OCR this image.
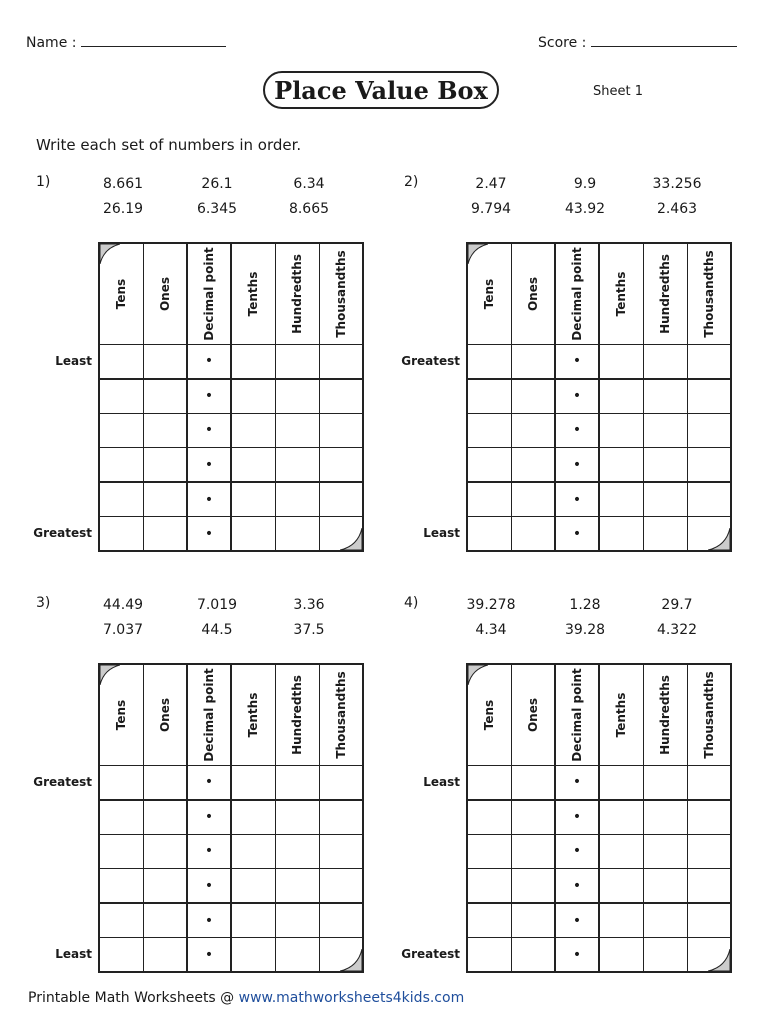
Name :	Score :
Place Value Box	Sheet 1
Write each set of numbers in order.
1)	8.661	26.1	6.34
26.19	6.345	8.665
Tens	Ones	Decimal point	Tenths	Hundredths	Thousandths

		•			
		•			
		•			
		•			
		•			
		•			
Least
Greatest
2)	2.47	9.9	33.256
9.794	43.92	2.463
Tens	Ones	Decimal point	Tenths	Hundredths	Thousandths

		•			
		•			
		•			
		•			
		•			
		•			
Greatest
Least
3)	44.49	7.019	3.36
7.037	44.5	37.5
Tens	Ones	Decimal point	Tenths	Hundredths	Thousandths

		•			
		•			
		•			
		•			
		•			
		•			
Greatest
Least
4)	39.278	1.28	29.7
4.34	39.28	4.322
Tens	Ones	Decimal point	Tenths	Hundredths	Thousandths

		•			
		•			
		•			
		•			
		•			
		•			
Least
Greatest
Printable Math Worksheets @ www.mathworksheets4kids.com
